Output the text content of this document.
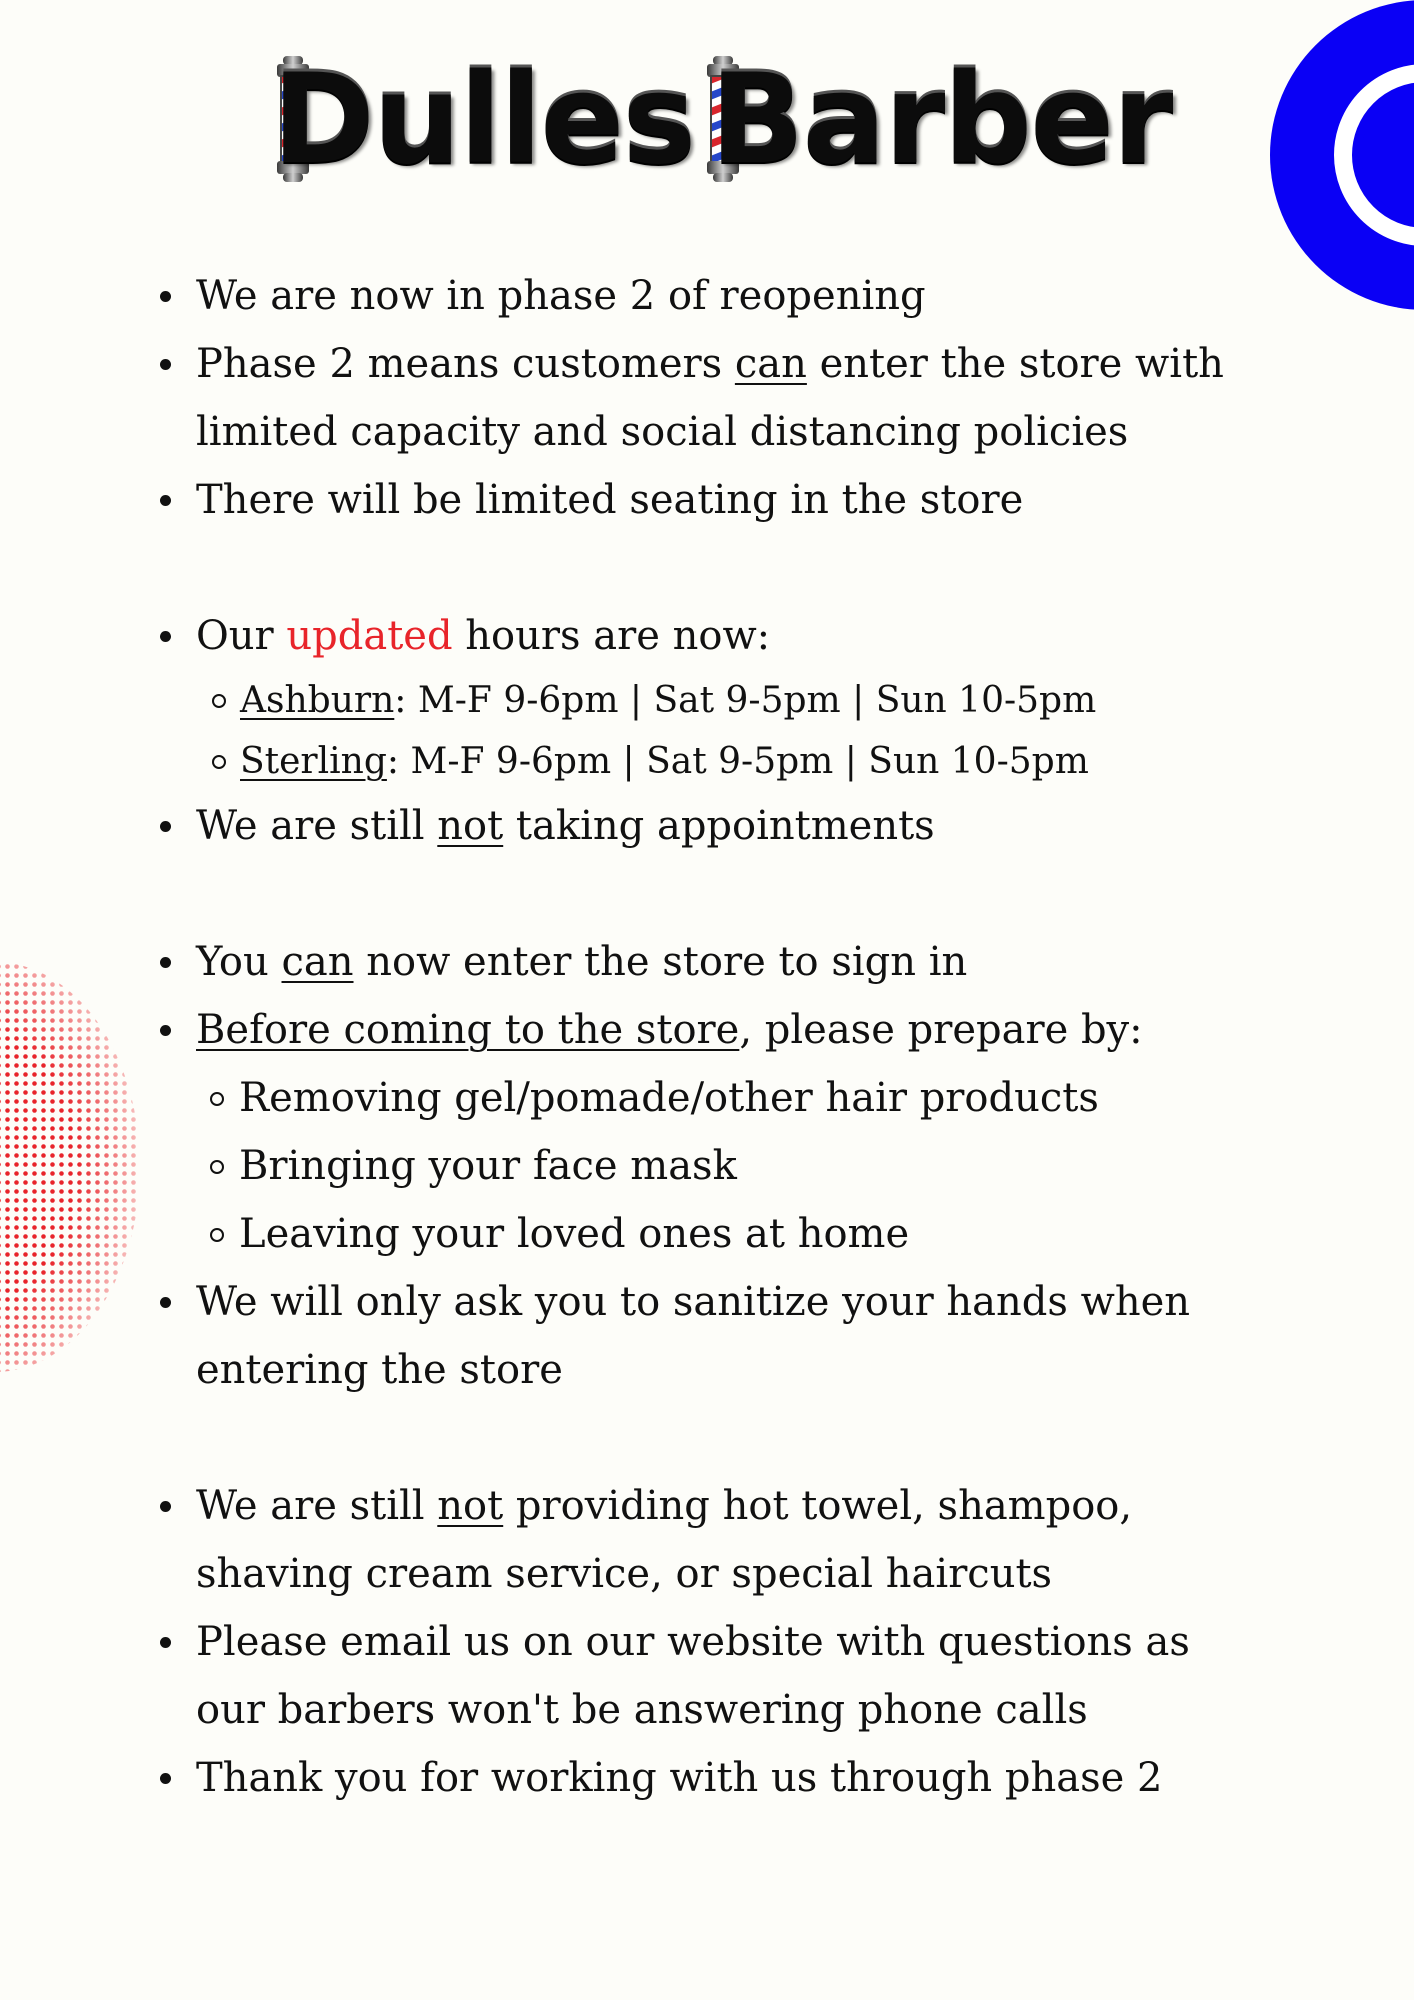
Dulles Barber
We are now in phase 2 of reopening
Phase 2 means customers can enter the store with
limited capacity and social distancing policies
There will be limited seating in the store
Our updated hours are now:
Ashburn: M-F 9-6pm | Sat 9-5pm | Sun 10-5pm
Sterling: M-F 9-6pm | Sat 9-5pm | Sun 10-5pm
We are still not taking appointments
You can now enter the store to sign in
Before coming to the store, please prepare by:
Removing gel/pomade/other hair products
Bringing your face mask
Leaving your loved ones at home
We will only ask you to sanitize your hands when
entering the store
We are still not providing hot towel, shampoo,
shaving cream service, or special haircuts
Please email us on our website with questions as
our barbers won't be answering phone calls
Thank you for working with us through phase 2
